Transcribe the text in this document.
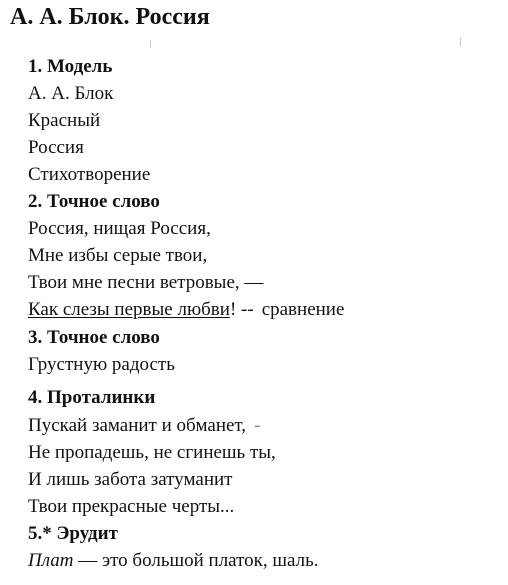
А. А. Блок. Россия
1. Модель
А. А. Блок
Красный
Россия
Стихотворение
2. Точное слово
Россия, нищая Россия,
Мне избы серые твои,
Твои мне песни ветровые, —
Как слезы первые любви! -- сравнение
3. Точное слово
Грустную радость
4. Проталинки
Пускай заманит и обманет, -
Не пропадешь, не сгинешь ты,
И лишь забота затуманит
Твои прекрасные черты...
5.* Эрудит
Плат — это большой платок, шаль.
